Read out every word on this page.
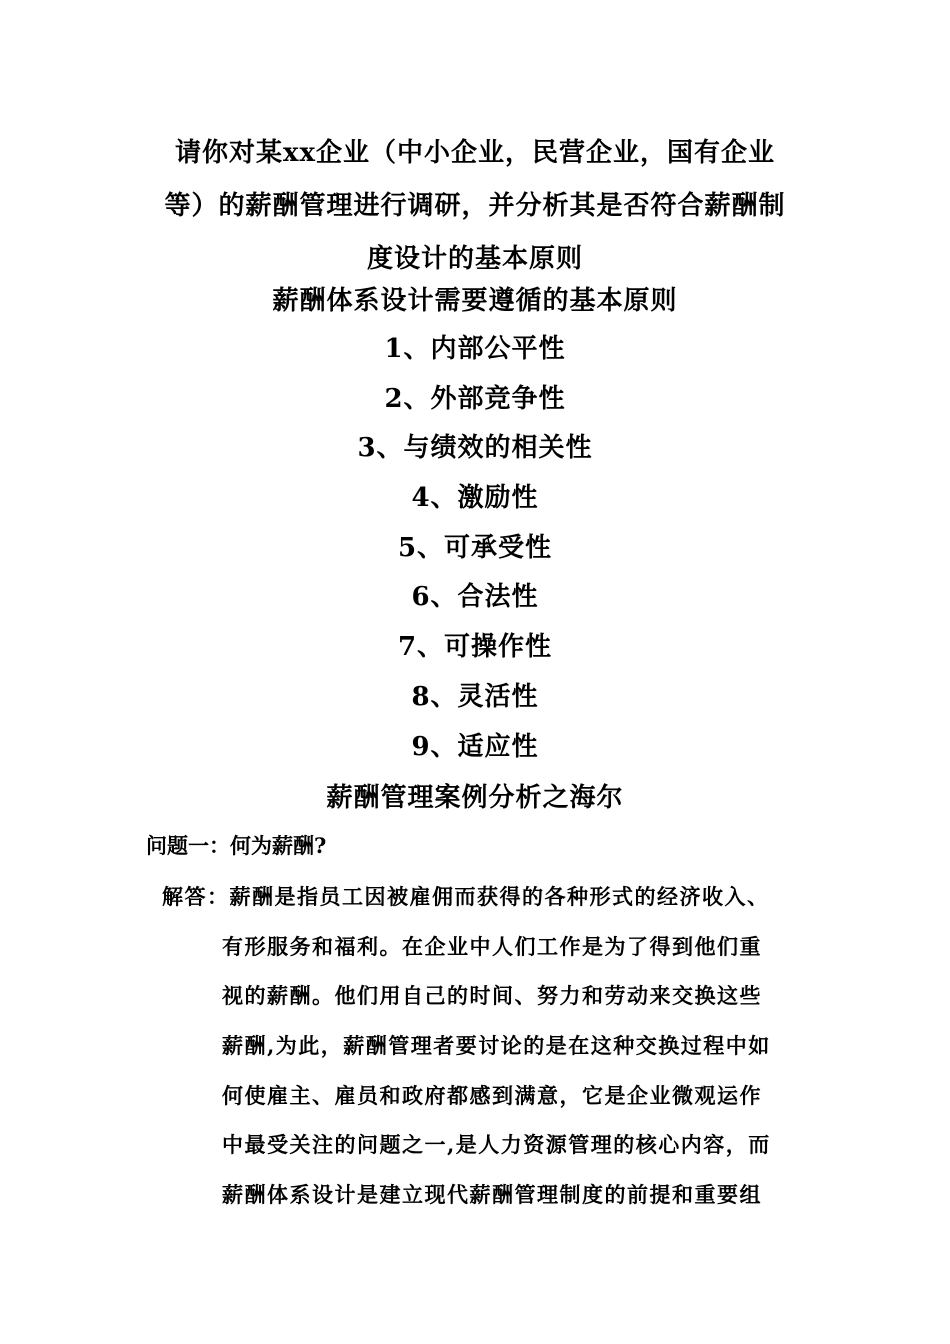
请你对某xx企业（中小企业，民营企业，国有企业
等）的薪酬管理进行调研，并分析其是否符合薪酬制
度设计的基本原则
薪酬体系设计需要遵循的基本原则
1、内部公平性
2、外部竞争性
3、与绩效的相关性
4、激励性
5、可承受性
6、合法性
7、可操作性
8、灵活性
9、适应性
薪酬管理案例分析之海尔
问题一：何为薪酬?
解答：薪酬是指员工因被雇佣而获得的各种形式的经济收入、
有形服务和福利。在企业中人们工作是为了得到他们重
视的薪酬。他们用自己的时间、努力和劳动来交换这些
薪酬,为此，薪酬管理者要讨论的是在这种交换过程中如
何使雇主、雇员和政府都感到满意，它是企业微观运作
中最受关注的问题之一,是人力资源管理的核心内容，而
薪酬体系设计是建立现代薪酬管理制度的前提和重要组
